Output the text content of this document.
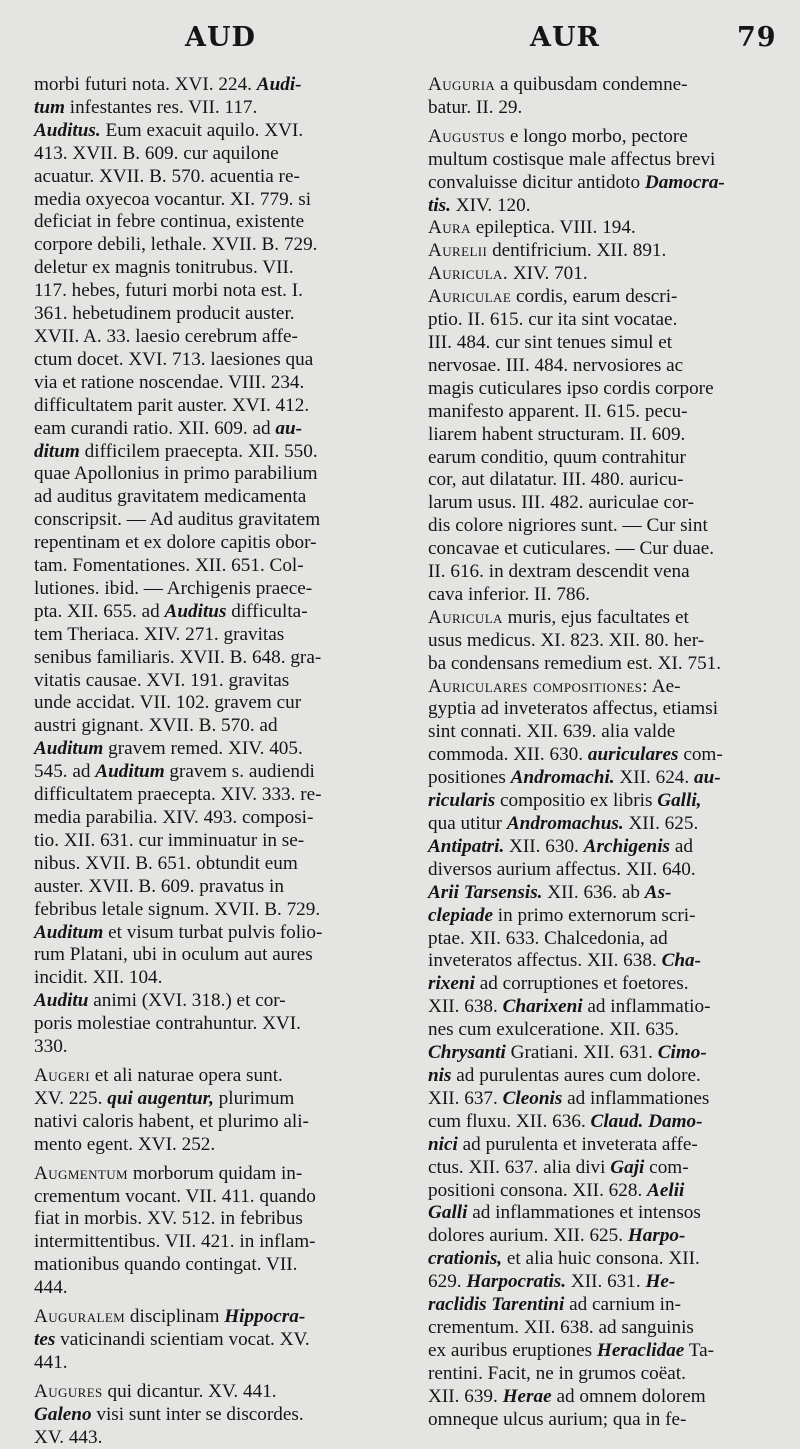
AUD	AUR	79
morbi futuri nota. XVI. 224. Audi-
tum infestantes res. VII. 117.
Auditus. Eum exacuit aquilo. XVI.
413. XVII. B. 609. cur aquilone
acuatur. XVII. B. 570. acuentia re-
media oxyecoa vocantur. XI. 779. si
deficiat in febre continua, existente
corpore debili, lethale. XVII. B. 729.
deletur ex magnis tonitrubus. VII.
117. hebes, futuri morbi nota est. I.
361. hebetudinem producit auster.
XVII. A. 33. laesio cerebrum affe-
ctum docet. XVI. 713. laesiones qua
via et ratione noscendae. VIII. 234.
difficultatem parit auster. XVI. 412.
eam curandi ratio. XII. 609. ad au-
ditum difficilem praecepta. XII. 550.
quae Apollonius in primo parabilium
ad auditus gravitatem medicamenta
conscripsit. — Ad auditus gravitatem
repentinam et ex dolore capitis obor-
tam. Fomentationes. XII. 651. Col-
lutiones. ibid. — Archigenis praece-
pta. XII. 655. ad Auditus difficulta-
tem Theriaca. XIV. 271. gravitas
senibus familiaris. XVII. B. 648. gra-
vitatis causae. XVI. 191. gravitas
unde accidat. VII. 102. gravem cur
austri gignant. XVII. B. 570. ad
Auditum gravem remed. XIV. 405.
545. ad Auditum gravem s. audiendi
difficultatem praecepta. XIV. 333. re-
media parabilia. XIV. 493. composi-
tio. XII. 631. cur imminuatur in se-
nibus. XVII. B. 651. obtundit eum
auster. XVII. B. 609. pravatus in
febribus letale signum. XVII. B. 729.
Auditum et visum turbat pulvis folio-
rum Platani, ubi in oculum aut aures
incidit. XII. 104.
Auditu animi (XVI. 318.) et cor-
poris molestiae contrahuntur. XVI.
330.
Augeri et ali naturae opera sunt.
XV. 225. qui augentur, plurimum
nativi caloris habent, et plurimo ali-
mento egent. XVI. 252.
Augmentum morborum quidam in-
crementum vocant. VII. 411. quando
fiat in morbis. XV. 512. in febribus
intermittentibus. VII. 421. in inflam-
mationibus quando contingat. VII.
444.
Auguralem disciplinam Hippocra-
tes vaticinandi scientiam vocat. XV.
441.
Augures qui dicantur. XV. 441.
Galeno visi sunt inter se discordes.
XV. 443.
Auguria a quibusdam condemne-
batur. II. 29.
Augustus e longo morbo, pectore
multum costisque male affectus brevi
convaluisse dicitur antidoto Damocra-
tis. XIV. 120.
Aura epileptica. VIII. 194.
Aurelii dentifricium. XII. 891.
Auricula. XIV. 701.
Auriculae cordis, earum descri-
ptio. II. 615. cur ita sint vocatae.
III. 484. cur sint tenues simul et
nervosae. III. 484. nervosiores ac
magis cuticulares ipso cordis corpore
manifesto apparent. II. 615. pecu-
liarem habent structuram. II. 609.
earum conditio, quum contrahitur
cor, aut dilatatur. III. 480. auricu-
larum usus. III. 482. auriculae cor-
dis colore nigriores sunt. — Cur sint
concavae et cuticulares. — Cur duae.
II. 616. in dextram descendit vena
cava inferior. II. 786.
Auricula muris, ejus facultates et
usus medicus. XI. 823. XII. 80. her-
ba condensans remedium est. XI. 751.
Auriculares compositiones: Ae-
gyptia ad inveteratos affectus, etiamsi
sint connati. XII. 639. alia valde
commoda. XII. 630. auriculares com-
positiones Andromachi. XII. 624. au-
ricularis compositio ex libris Galli,
qua utitur Andromachus. XII. 625.
Antipatri. XII. 630. Archigenis ad
diversos aurium affectus. XII. 640.
Arii Tarsensis. XII. 636. ab As-
clepiade in primo externorum scri-
ptae. XII. 633. Chalcedonia, ad
inveteratos affectus. XII. 638. Cha-
rixeni ad corruptiones et foetores.
XII. 638. Charixeni ad inflammatio-
nes cum exulceratione. XII. 635.
Chrysanti Gratiani. XII. 631. Cimo-
nis ad purulentas aures cum dolore.
XII. 637. Cleonis ad inflammationes
cum fluxu. XII. 636. Claud. Damo-
nici ad purulenta et inveterata affe-
ctus. XII. 637. alia divi Gaji com-
positioni consona. XII. 628. Aelii
Galli ad inflammationes et intensos
dolores aurium. XII. 625. Harpo-
crationis, et alia huic consona. XII.
629. Harpocratis. XII. 631. He-
raclidis Tarentini ad carnium in-
crementum. XII. 638. ad sanguinis
ex auribus eruptiones Heraclidae Ta-
rentini. Facit, ne in grumos coëat.
XII. 639. Herae ad omnem dolorem
omneque ulcus aurium; qua in fe-
